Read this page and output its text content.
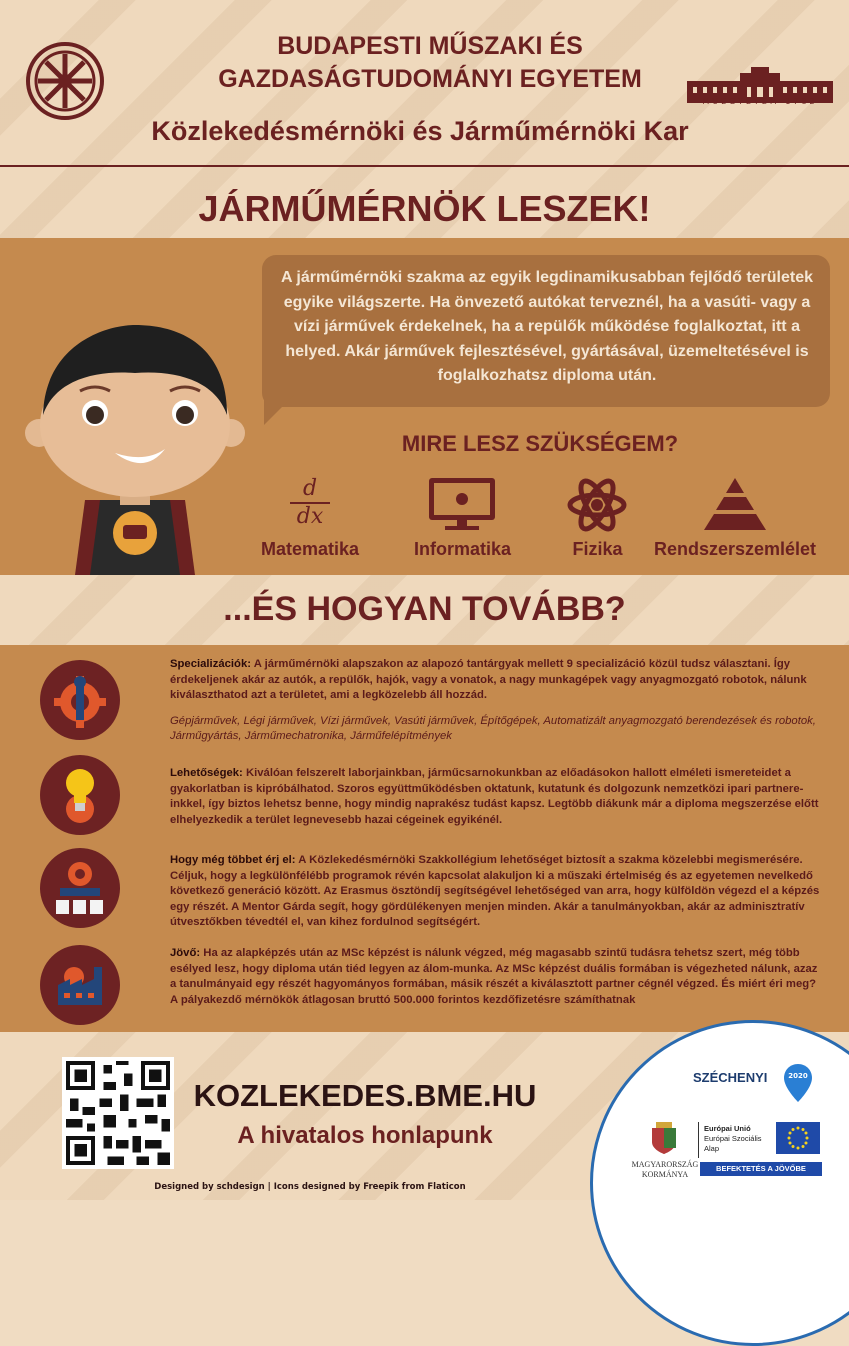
BUDAPESTI MŰSZAKI ÉS
GAZDASÁGTUDOMÁNYI EGYETEM
Közlekedésmérnöki és Járműmérnöki Kar
MŰEGYETEM 1782
JÁRMŰMÉRNÖK LESZEK!
A járműmérnöki szakma az egyik legdinamikusabban fejlődő területek egyike világszerte. Ha önvezető autókat terveznél, ha a vasúti- vagy a vízi járművek érdekelnek, ha a repülők működése foglalkoztat, itt a helyed. Akár járművek fejlesztésével, gyártásával, üzemeltetésével is foglalkozhatsz diploma után.
MIRE LESZ SZÜKSÉGEM?
d
dx
Matematika	Informatika	Fizika	Rendszerszemlélet
...ÉS HOGYAN TOVÁBB?
Specializációk: A járműmérnöki alapszakon az alapozó tantárgyak mellett 9 specializáció közül tudsz választani. Így érdekeljenek akár az autók, a repülők, hajók, vagy a vonatok, a nagy munkagépek vagy anyagmozgató robotok, nálunk kiválaszthatod azt a területet, ami a legközelebb áll hozzád.
Gépjárművek, Légi járművek, Vízi járművek, Vasúti járművek, Építőgépek, Automatizált anyagmozgató berendezések és robotok, Járműgyártás, Járműmechatronika, Járműfelépítmények
Lehetőségek: Kiválóan felszerelt laborjainkban, járműcsarnokunkban az előadásokon hallott elméleti ismereteidet a gyakorlatban is kipróbálhatod. Szoros együttműködésben oktatunk, kutatunk és dolgozunk nemzetközi ipari partnere-inkkel, így biztos lehetsz benne, hogy mindig naprakész tudást kapsz. Legtöbb diákunk már a diploma megszerzése előtt elhelyezkedik a terület legnevesebb hazai cégeinek egyikénél.
Hogy még többet érj el: A Közlekedésmérnöki Szakkollégium lehetőséget biztosít a szakma közelebbi megismerésére. Céljuk, hogy a legkülönfélébb programok révén kapcsolat alakuljon ki a műszaki értelmiség és az egyetemen nevelkedő következő generáció között. Az Erasmus ösztöndíj segítségével lehetőséged van arra, hogy külföldön végezd el a képzés egy részét. A Mentor Gárda segít, hogy gördülékenyen menjen minden. Akár a tanulmányokban, akár az adminisztratív útvesztőkben tévedtél el, van kihez fordulnod segítségért.
Jövő: Ha az alapképzés után az MSc képzést is nálunk végzed, még magasabb szintű tudásra tehetsz szert, még több esélyed lesz, hogy diploma után tiéd legyen az álom-munka. Az MSc képzést duális formában is végezheted nálunk, azaz a tanulmányaid egy részét hagyományos formában, másik részét a kiválasztott partner cégnél végzed. És miért éri meg? A pályakezdő mérnökök átlagosan bruttó 500.000 forintos kezdőfizetésre számíthatnak
KOZLEKEDES.BME.HU
A hivatalos honlapunk
Designed by schdesign | Icons designed by Freepik from Flaticon
SZÉCHENYI	2020
MAGYARORSZÁG
KORMÁNYA
Európai Unió
Európai Szociális
Alap
BEFEKTETÉS A JÖVŐBE
